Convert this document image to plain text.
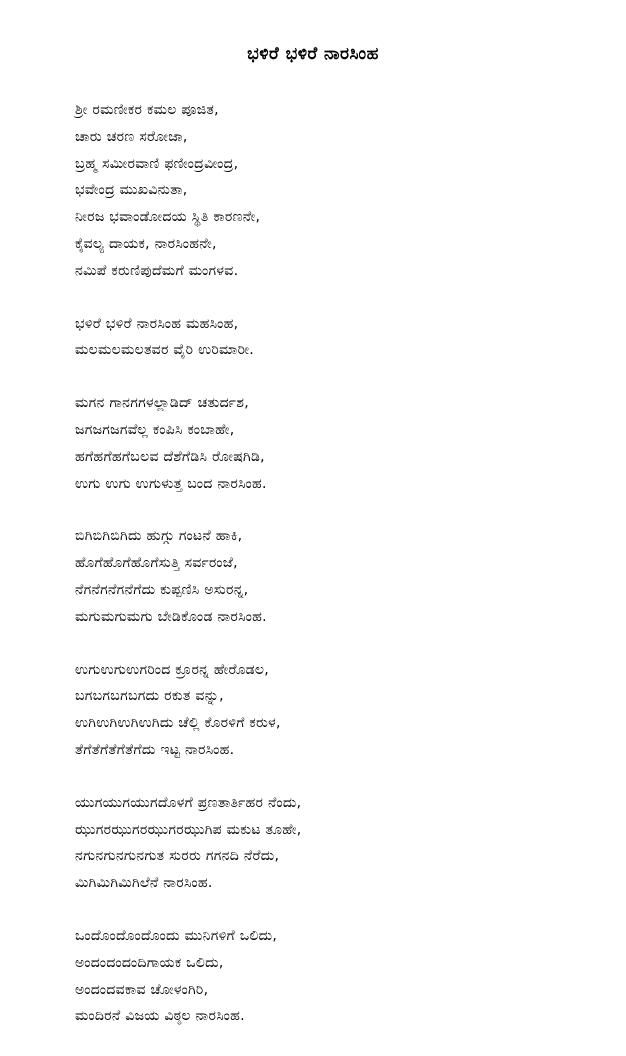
ಭಳಿರೆ ಭಳಿರೆ ನಾರಸಿಂಹ
ಶ್ರೀ ರಮಣೀಕರ ಕಮಲ ಪೂಜಿತ,
ಚಾರು ಚರಣ ಸರೋಜಾ,
ಬ್ರಹ್ಮ ಸಮೀರವಾಣಿ ಫಣೀಂದ್ರವೀಂದ್ರ,
ಭವೇಂದ್ರ ಮುಖವಿನುತಾ,
ನೀರಜ ಭವಾಂಡೋದಯ ಸ್ಥಿತಿ ಕಾರಣನೇ,
ಕೈವಲ್ಯ ದಾಯಕ, ನಾರಸಿಂಹನೇ,
ನಮಿಪೆ ಕರುಣಿಪುದೆಮಗೆ ಮಂಗಳವ.
ಭಳಿರೆ ಭಳಿರೆ ನಾರಸಿಂಹ ಮಹಸಿಂಹ,
ಮಲಮಲಮಲತವರ ವೈರಿ ಉರಿಮಾರೀ.
ಮಗನ ಗಾನಗಗಳಲ್ಲಾಡಿದ್ ಚತುರ್ದಶ,
ಜಗಜಗಜಗವೆಲ್ಲ ಕಂಪಿಸಿ ಕಂಬಾಹೇ,
ಹಗೆಹಗೆಹಗೆಬಲವ ದೆಶೆಗೆಡಿಸಿ ರೋಷಗಿಡಿ,
ಉಗು ಉಗು ಉಗುಳುತ್ತ ಬಂದ ನಾರಸಿಂಹ.
ಬಿಗಿಬಿಗಿಬಿಗಿದು ಹುಗ್ಗು ಗಂಟನೆ ಹಾಕಿ,
ಹೊಗೆಹೊಗೆಹೊಗೆಸುತ್ತಿ ಸರ್ವರಂಜೆ,
ನೆಗನೆಗನೆಗನೆಗೆದು ಕುಪ್ಪಣಿಸಿ ಅಸುರನ್ನ,
ಮಗುಮಗುಮಗು ಬೇಡಿಕೊಂಡ ನಾರಸಿಂಹ.
ಉಗುಉಗುಉಗರಿಂದ ಕ್ರೂರನ್ನ ಹೇರೊಡಲ,
ಬಗಬಗಬಗಬಗದು ರಕುತ ವನ್ನು,
ಉಗಿಉಗಿಉಗಿಉಗಿದು ಚೆಲ್ಲಿ ಕೊರಳಿಗೆ ಕರುಳ,
ತೆಗೆತೆಗೆತೆಗೆತೆಗೆದು ಇಟ್ಟ ನಾರಸಿಂಹ.
ಯುಗಯುಗಯುಗದೊಳಗೆ ಪ್ರಣತಾರ್ತಿಹರ ನೆಂದು,
ಝುಗರಝುಗರಝುಗರಝುಗಿಪ ಮಕುಟ ತೂಹೇ,
ನಗುನಗುನಗುನಗುತ ಸುರರು ಗಗನದಿ ನೆರೆದು,
ಮಿಗಿಮಿಗಿಮಿಗಿಲೆನೆ ನಾರಸಿಂಹ.
ಒಂದೊಂದೊಂದೊಂದು ಮುನಿಗಳಿಗೆ ಒಲಿದು,
ಅಂದಂದಂದಂದಿಗಾಯಕ ಒಲಿದು,
ಅಂದಂದವಕಾವ ಚೋಳಂಗಿರಿ,
ಮಂದಿರನೆ ವಿಜಯ ವಿಠ್ಠಲ ನಾರಸಿಂಹ.
